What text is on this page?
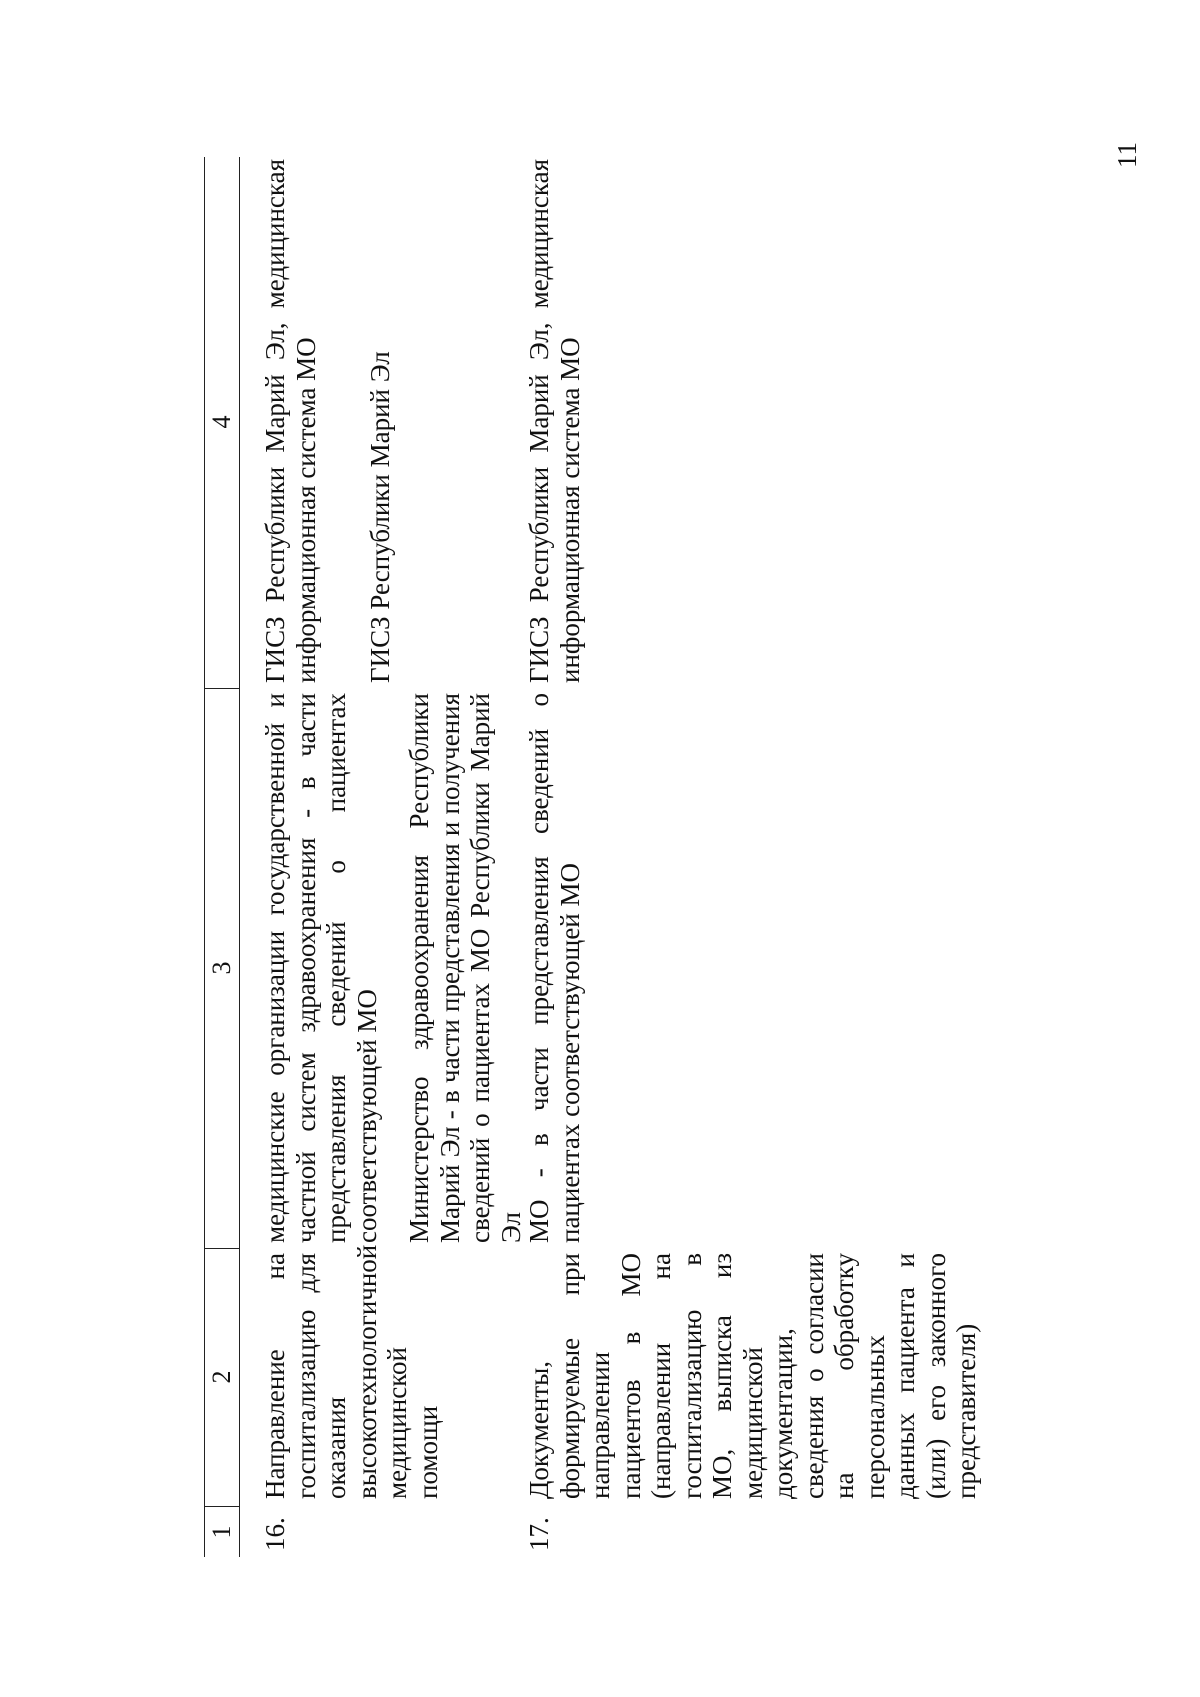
11
1
2
3
4
16.
Направление на госпитализацию для оказания высокотехнологичной медицинской помощи
медицинские организации государственной и частной систем здравоохранения - в части представления сведений о пациентах соответствующей МО Министерство здравоохранения Республики Марий Эл - в части представления и получения сведений о пациентах МО Республики Марий Эл
ГИСЗ Республики Марий Эл, медицинская информационная система МО ГИСЗ Республики Марий Эл
17.
Документы, формируемые при направлении пациентов в МО (направлении на госпитализацию в МО, выписка из медицинской документации, сведения о согласии на обработку персональных данных пациента и (или) его законного представителя)
МО - в части представления сведений о пациентах соответствующей МО
ГИСЗ Республики Марий Эл, медицинская информационная система МО
